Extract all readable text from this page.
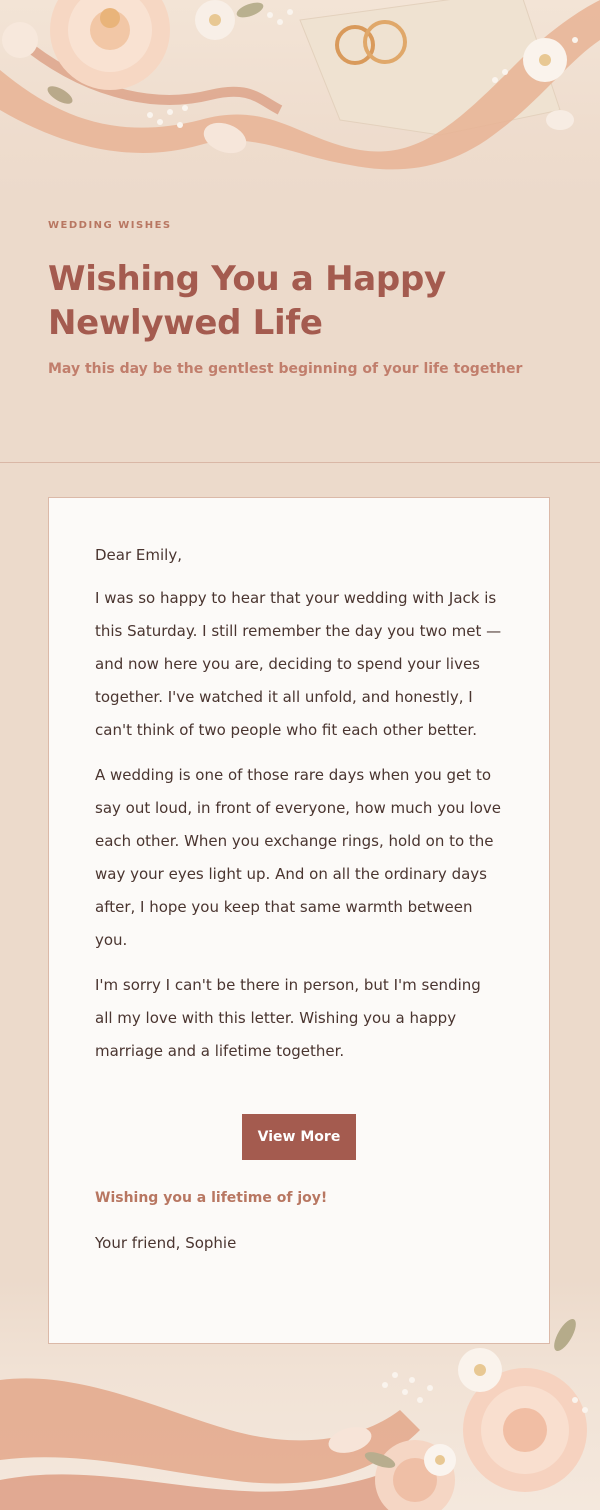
WEDDING WISHES
Wishing You a Happy
Newlywed Life
May this day be the gentlest beginning of your life together
Dear Emily,
I was so happy to hear that your wedding with Jack is this Saturday. I still remember the day you two met — and now here you are, deciding to spend your lives together. I've watched it all unfold, and honestly, I can't think of two people who fit each other better.
A wedding is one of those rare days when you get to say out loud, in front of everyone, how much you love each other. When you exchange rings, hold on to the way your eyes light up. And on all the ordinary days after, I hope you keep that same warmth between you.
I'm sorry I can't be there in person, but I'm sending all my love with this letter. Wishing you a happy marriage and a lifetime together.
View More
Wishing you a lifetime of joy!
Your friend, Sophie
